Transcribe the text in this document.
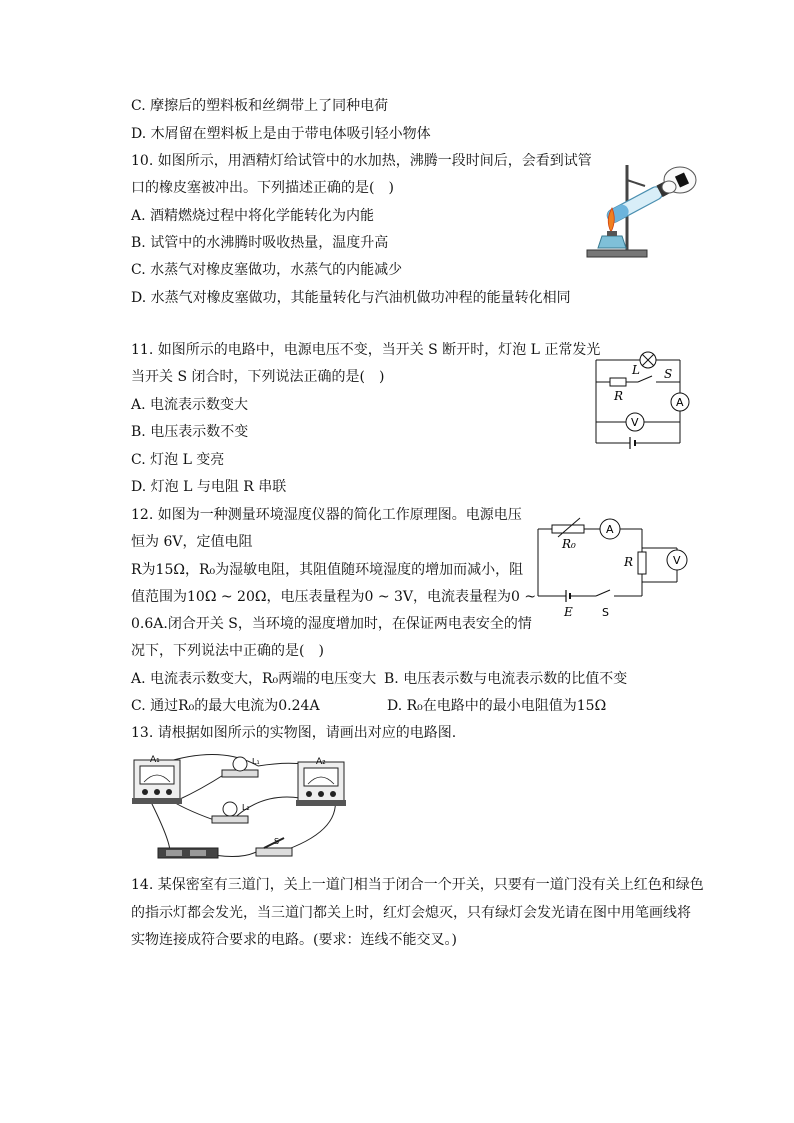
C. 摩擦后的塑料板和丝绸带上了同种电荷
D. 木屑留在塑料板上是由于带电体吸引轻小物体
10. 如图所示，用酒精灯给试管中的水加热，沸腾一段时间后，会看到试管
口的橡皮塞被冲出。下列描述正确的是(　)
A. 酒精燃烧过程中将化学能转化为内能
B. 试管中的水沸腾时吸收热量，温度升高
C. 水蒸气对橡皮塞做功，水蒸气的内能减少
D. 水蒸气对橡皮塞做功，其能量转化与汽油机做功冲程的能量转化相同
11. 如图所示的电路中，电源电压不变，当开关 S 断开时，灯泡 L 正常发光
当开关 S 闭合时，下列说法正确的是(　)
A. 电流表示数变大
B. 电压表示数不变
C. 灯泡 L 变亮
D. 灯泡 L 与电阻 R 串联
L S
R	A
V
12. 如图为一种测量环境湿度仪器的简化工作原理图。电源电压
恒为 6V，定值电阻
R为15Ω，R₀为湿敏电阻，其阻值随环境湿度的增加而减小，阻
值范围为10Ω ~ 20Ω，电压表量程为0 ~ 3V，电流表量程为0 ~
0.6A.闭合开关 S，当环境的湿度增加时，在保证两电表安全的情
况下，下列说法中正确的是(　)
A. 电流表示数变大，R₀两端的电压变大 B. 电压表示数与电流表示数的比值不变
C. 通过R₀的最大电流为0.24A	D. R₀在电路中的最小电阻值为15Ω
R₀
A
R	V
E	S
13. 请根据如图所示的实物图，请画出对应的电路图.
A₁	A₂
L₁
L₂
S
14. 某保密室有三道门，关上一道门相当于闭合一个开关，只要有一道门没有关上红色和绿色
的指示灯都会发光，当三道门都关上时，红灯会熄灭，只有绿灯会发光请在图中用笔画线将
实物连接成符合要求的电路。(要求：连线不能交叉。)
